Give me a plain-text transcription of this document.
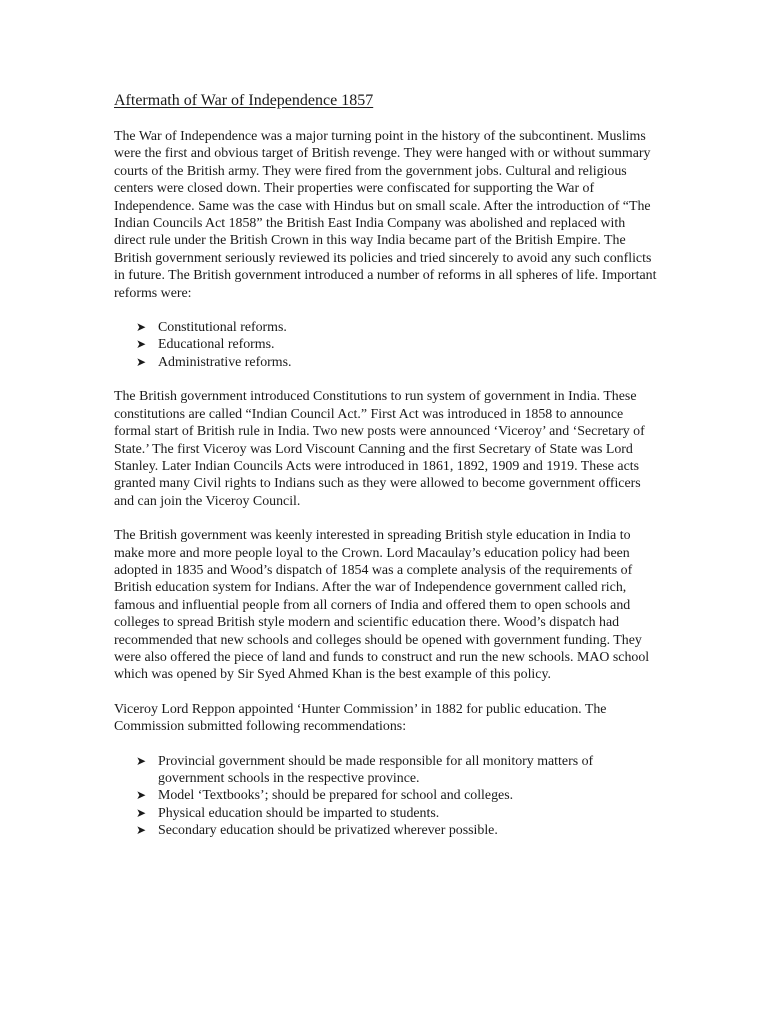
Aftermath of War of Independence 1857

The War of Independence was a major turning point in the history of the subcontinent. Muslims were the first and obvious target of British revenge. They were hanged with or without summary courts of the British army. They were fired from the government jobs. Cultural and religious centers were closed down. Their properties were confiscated for supporting the War of Independence. Same was the case with Hindus but on small scale. After the introduction of “The Indian Councils Act 1858” the British East India Company was abolished and replaced with direct rule under the British Crown in this way India became part of the British Empire. The British government seriously reviewed its policies and tried sincerely to avoid any such conflicts in future. The British government introduced a number of reforms in all spheres of life. Important reforms were:

➤ Constitutional reforms.
➤ Educational reforms.
➤ Administrative reforms.

The British government introduced Constitutions to run system of government in India. These constitutions are called “Indian Council Act.” First Act was introduced in 1858 to announce formal start of British rule in India. Two new posts were announced ‘Viceroy’ and ‘Secretary of State.’ The first Viceroy was Lord Viscount Canning and the first Secretary of State was Lord Stanley. Later Indian Councils Acts were introduced in 1861, 1892, 1909 and 1919. These acts granted many Civil rights to Indians such as they were allowed to become government officers and can join the Viceroy Council.

The British government was keenly interested in spreading British style education in India to make more and more people loyal to the Crown. Lord Macaulay’s education policy had been adopted in 1835 and Wood’s dispatch of 1854 was a complete analysis of the requirements of British education system for Indians. After the war of Independence government called rich, famous and influential people from all corners of India and offered them to open schools and colleges to spread British style modern and scientific education there. Wood’s dispatch had recommended that new schools and colleges should be opened with government funding. They were also offered the piece of land and funds to construct and run the new schools. MAO school which was opened by Sir Syed Ahmed Khan is the best example of this policy.

Viceroy Lord Reppon appointed ‘Hunter Commission’ in 1882 for public education. The Commission submitted following recommendations:

➤ Provincial government should be made responsible for all monitory matters of government schools in the respective province.
➤ Model ‘Textbooks’; should be prepared for school and colleges.
➤ Physical education should be imparted to students.
➤ Secondary education should be privatized wherever possible.
